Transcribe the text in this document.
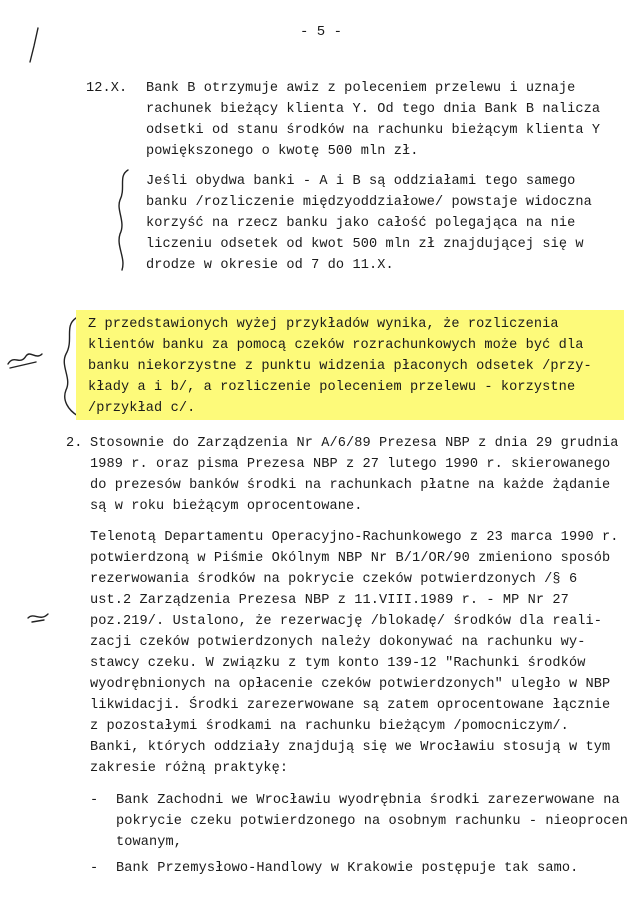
- 5 -
12.X. Bank B otrzymuje awiz z poleceniem przelewu i uznaje
rachunek bieżący klienta Y. Od tego dnia Bank B nalicza
odsetki od stanu środków na rachunku bieżącym klienta Y
powiększonego o kwotę 500 mln zł.
Jeśli obydwa banki - A i B są oddziałami tego samego
banku /rozliczenie międzyoddziałowe/ powstaje widoczna
korzyść na rzecz banku jako całość polegająca na nie
liczeniu odsetek od kwot 500 mln zł znajdującej się w
drodze w okresie od 7 do 11.X.
Z przedstawionych wyżej przykładów wynika, że rozliczenia
klientów banku za pomocą czeków rozrachunkowych może być dla
banku niekorzystne z punktu widzenia płaconych odsetek /przy-
kłady a i b/, a rozliczenie poleceniem przelewu - korzystne
/przykład c/.
2. Stosownie do Zarządzenia Nr A/6/89 Prezesa NBP z dnia 29 grudnia
1989 r. oraz pisma Prezesa NBP z 27 lutego 1990 r. skierowanego
do prezesów banków środki na rachunkach płatne na każde żądanie
są w roku bieżącym oprocentowane.
Telenotą Departamentu Operacyjno-Rachunkowego z 23 marca 1990 r.
potwierdzoną w Piśmie Okólnym NBP Nr B/1/OR/90 zmieniono sposób
rezerwowania środków na pokrycie czeków potwierdzonych /§ 6
ust.2 Zarządzenia Prezesa NBP z 11.VIII.1989 r. - MP Nr 27
poz.219/. Ustalono, że rezerwację /blokadę/ środków dla reali-
zacji czeków potwierdzonych należy dokonywać na rachunku wy-
stawcy czeku. W związku z tym konto 139-12 "Rachunki środków
wyodrębnionych na opłacenie czeków potwierdzonych" uległo w NBP
likwidacji. Środki zarezerwowane są zatem oprocentowane łącznie
z pozostałymi środkami na rachunku bieżącym /pomocniczym/.
Banki, których oddziały znajdują się we Wrocławiu stosują w tym
zakresie różną praktykę:
- Bank Zachodni we Wrocławiu wyodrębnia środki zarezerwowane na
pokrycie czeku potwierdzonego na osobnym rachunku - nieoprocen
towanym,
- Bank Przemysłowo-Handlowy w Krakowie postępuje tak samo.
